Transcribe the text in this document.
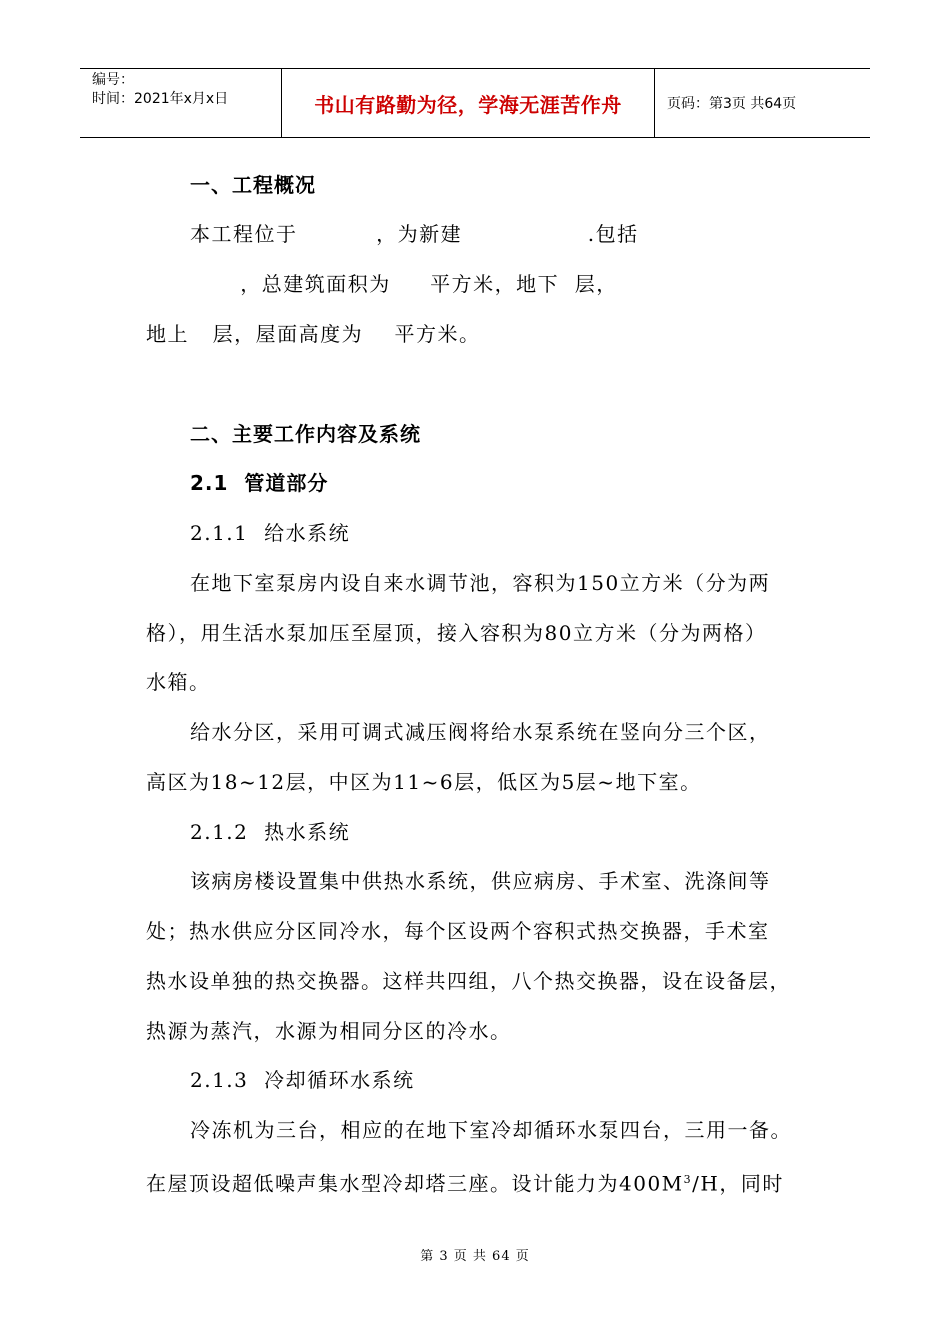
编号：
时间：2021年x月x日	书山有路勤为径，学海无涯苦作舟	页码：第3页 共64页
一、工程概况
本工程位于          ，为新建                .包括
，总建筑面积为     平方米，地下  层，
地上   层，屋面高度为    平方米。
二、主要工作内容及系统
2.1  管道部分
2.1.1  给水系统
在地下室泵房内设自来水调节池，容积为150立方米（分为两
格），用生活水泵加压至屋顶，接入容积为80立方米（分为两格）
水箱。
给水分区，采用可调式减压阀将给水泵系统在竖向分三个区，
高区为18~12层，中区为11~6层，低区为5层~地下室。
2.1.2  热水系统
该病房楼设置集中供热水系统，供应病房、手术室、洗涤间等
处；热水供应分区同冷水，每个区设两个容积式热交换器，手术室
热水设单独的热交换器。这样共四组，八个热交换器，设在设备层，
热源为蒸汽，水源为相同分区的冷水。
2.1.3  冷却循环水系统
冷冻机为三台，相应的在地下室冷却循环水泵四台，三用一备。
在屋顶设超低噪声集水型冷却塔三座。设计能力为$400M^3/H$，同时
第 3 页 共 64 页
